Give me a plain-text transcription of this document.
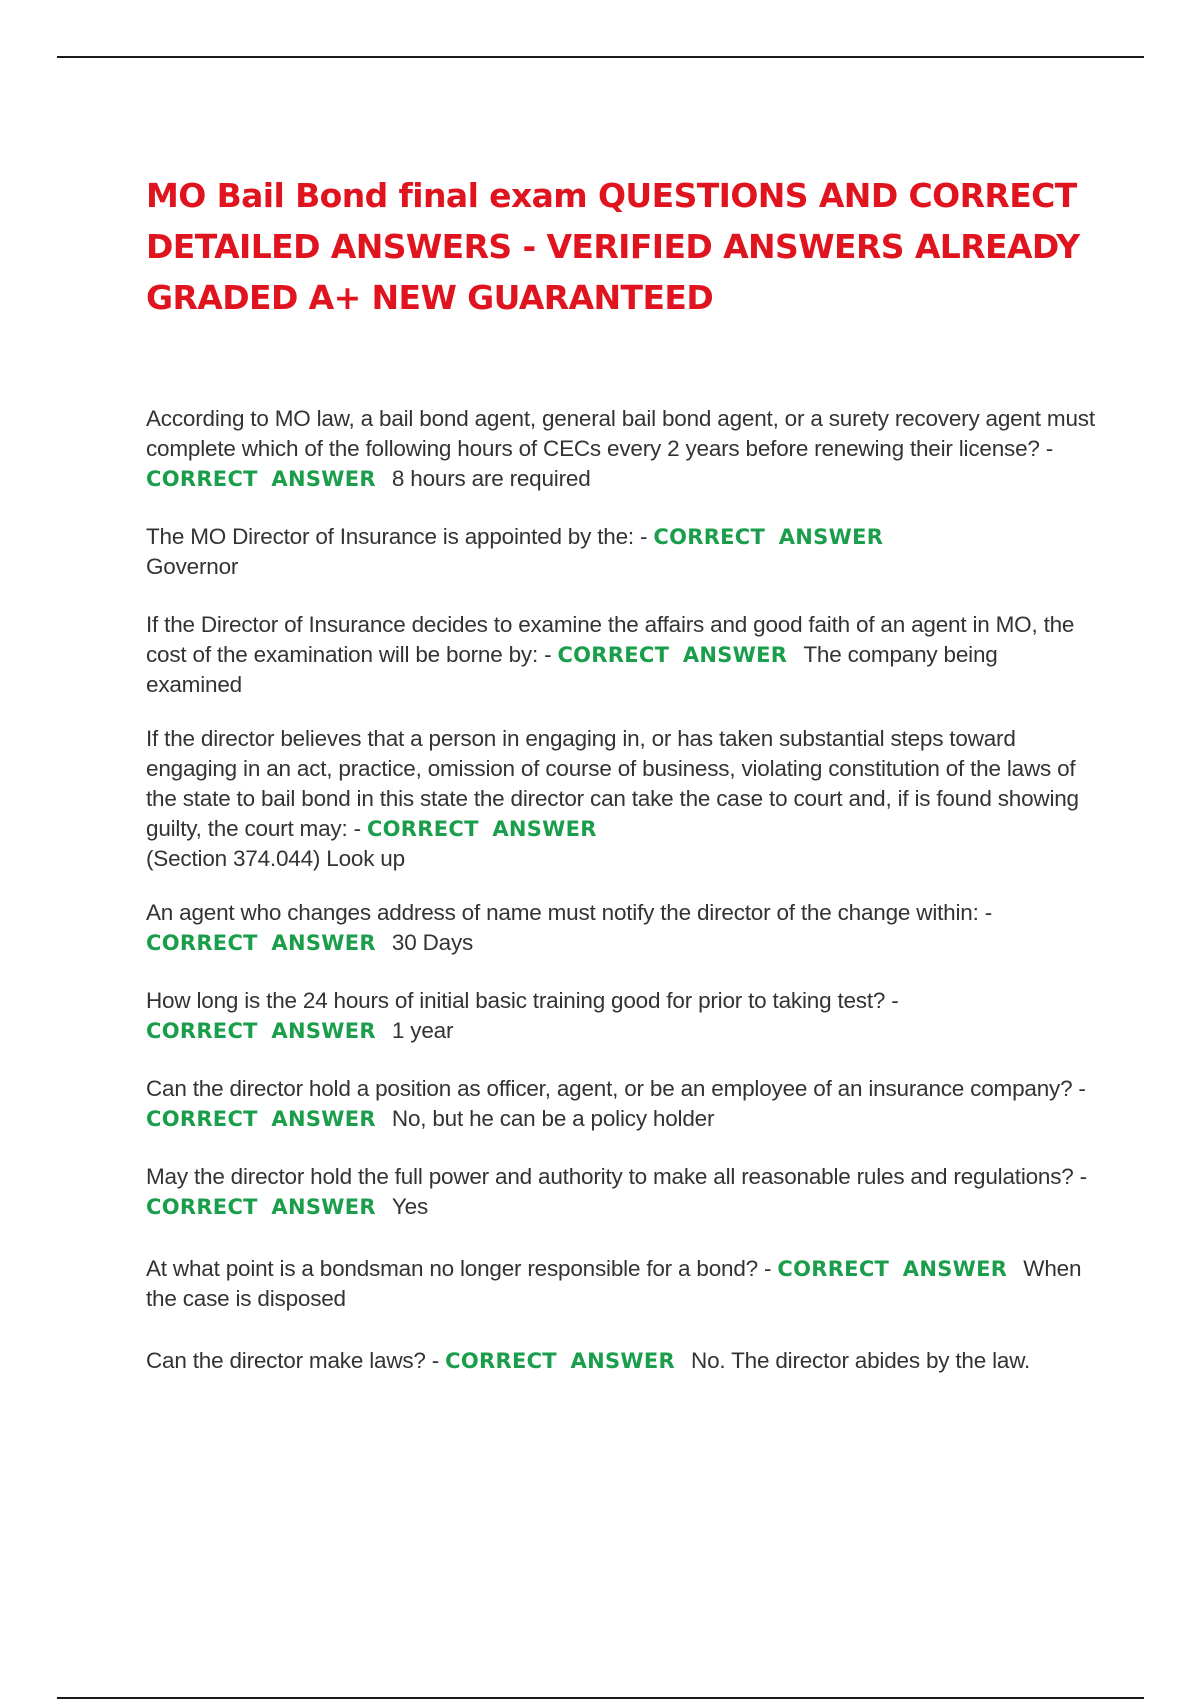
MO Bail Bond final exam QUESTIONS AND CORRECT DETAILED ANSWERS - VERIFIED ANSWERS ALREADY GRADED A+ NEW GUARANTEED

According to MO law, a bail bond agent, general bail bond agent, or a surety recovery agent must complete which of the following hours of CECs every 2 years before renewing their license? - CORRECT ANSWER 8 hours are required

The MO Director of Insurance is appointed by the: - CORRECT ANSWER
Governor

If the Director of Insurance decides to examine the affairs and good faith of an agent in MO, the cost of the examination will be borne by: - CORRECT ANSWER The company being examined

If the director believes that a person in engaging in, or has taken substantial steps toward engaging in an act, practice, omission of course of business, violating constitution of the laws of the state to bail bond in this state the director can take the case to court and, if is found showing guilty, the court may: - CORRECT ANSWER
(Section 374.044) Look up

An agent who changes address of name must notify the director of the change within: -
CORRECT ANSWER 30 Days

How long is the 24 hours of initial basic training good for prior to taking test? -
CORRECT ANSWER 1 year

Can the director hold a position as officer, agent, or be an employee of an insurance company? - CORRECT ANSWER No, but he can be a policy holder

May the director hold the full power and authority to make all reasonable rules and regulations? - CORRECT ANSWER Yes

At what point is a bondsman no longer responsible for a bond? - CORRECT ANSWER When the case is disposed

Can the director make laws? - CORRECT ANSWER No. The director abides by the law.
